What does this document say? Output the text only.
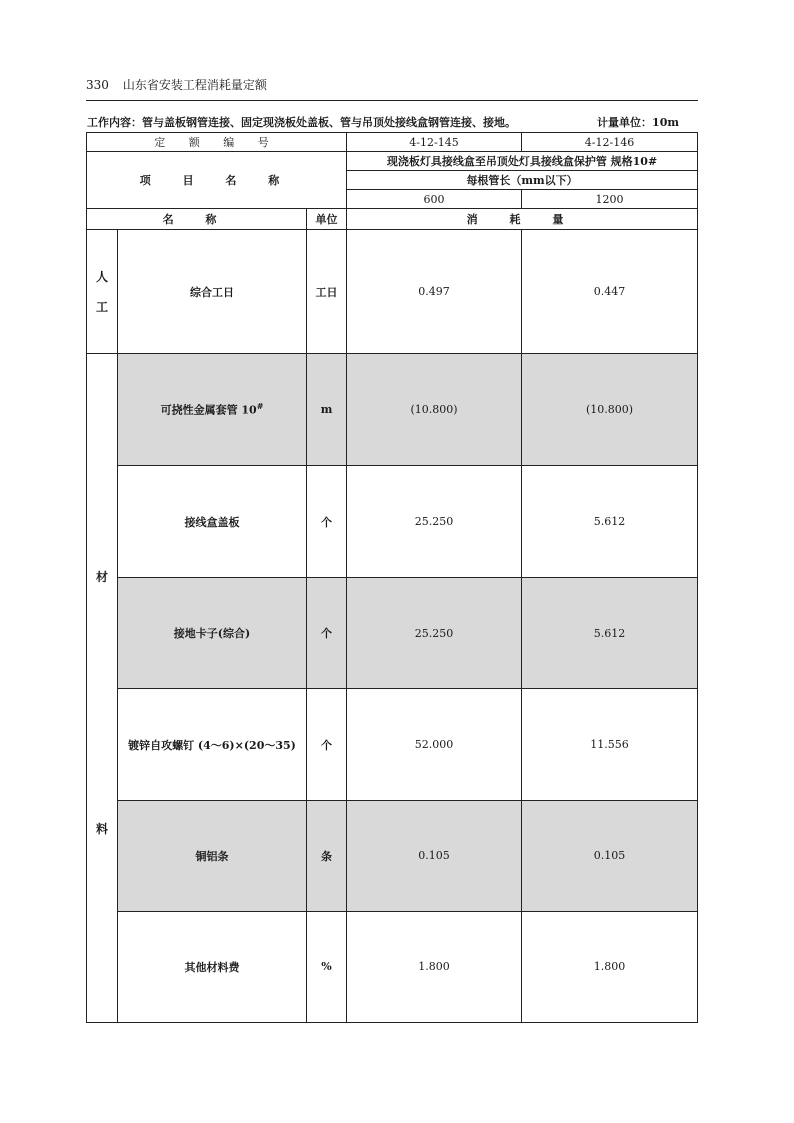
330 山东省安装工程消耗量定额
工作内容：管与盖板钢管连接、固定现浇板处盖板、管与吊顶处接线盒钢管连接、接地。	计量单位：10m
定 额 编 号			4-12-145	4-12-146
项 目 名 称			现浇板灯具接线盒至吊顶处灯具接线盒保护管 规格10#	
			每根管长（mm以下）	
			600	1200
名 称		单位	消 耗 量	
人
工	综合工日	工日	0.497	0.447

材
料	可挠性金属套管 10#	m	(10.800)	(10.800)
	接线盒盖板	个	25.250	5.612
	接地卡子(综合)	个	25.250	5.612
	镀锌自攻螺钉 (4～6)×(20～35)	个	52.000	11.556
	铜铝条	条	0.105	0.105
	其他材料费	%	1.800	1.800
